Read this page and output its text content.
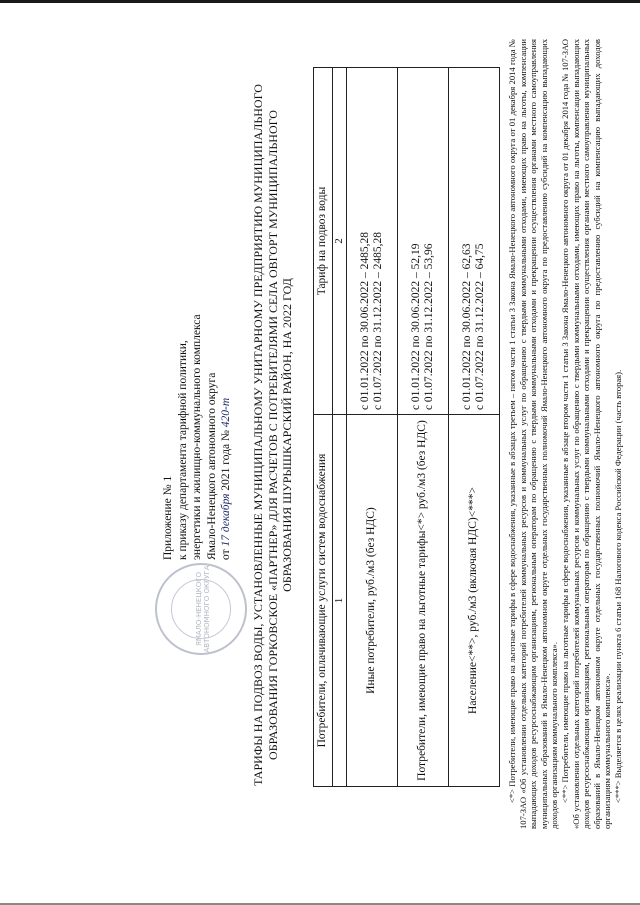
ЯМАЛО-НЕНЕЦКОГО АВТОНОМНОГО ОКРУГА
Приложение № 1 к приказу департамента тарифной политики, энергетики и жилищно-коммунального комплекса Ямало-Ненецкого автономного округа от 17 декабря 2021 года № 420-т ТАРИФЫ НА ПОДВОЗ ВОДЫ, УСТАНОВЛЕННЫЕ МУНИЦИПАЛЬНОМУ УНИТАРНОМУ ПРЕДПРИЯТИЮ МУНИЦИПАЛЬНОГО ОБРАЗОВАНИЯ ГОРКОВСКОЕ «ПАРТНЕР» ДЛЯ РАСЧЕТОВ С ПОТРЕБИТЕЛЯМИ СЕЛА ОВГОРТ МУНИЦИПАЛЬНОГО ОБРАЗОВАНИЯ ШУРЫШКАРСКИЙ РАЙОН, НА 2022 ГОД
Потребители, оплачивающие услуги систем водоснабжения	Тариф на подвоз воды
1	2
Иные потребители, руб./м3 (без НДС)	с 01.01.2022 по 30.06.2022 – 2485,28 с 01.07.2022 по 31.12.2022 – 2485,28

Потребители, имеющие право на льготные тарифы<*> руб./м3 (без НДС)	с 01.01.2022 по 30.06.2022 – 52,19 с 01.07.2022 по 31.12.2022 – 53,96

Население<**>, руб./м3 (включая НДС)<***>	с 01.01.2022 по 30.06.2022 – 62,63 с 01.07.2022 по 31.12.2022 – 64,75 <*> Потребители, имеющие право на льготные тарифы в сфере водоснабжения, указанные в абзацах третьем – пятом части 1 статьи 3 Закона Ямало-Ненецкого автономного округа от 01 декабря 2014 года № 107-ЗАО «Об установлении отдельных категорий потребителей коммунальных ресурсов и коммунальных услуг по обращению с твердыми коммунальными отходами, имеющих право на льготы, компенсации выпадающих доходов ресурсоснабжающим организациям, региональным операторам по обращению с твердыми коммунальными отходами и прекращении осуществления органами местного самоуправления муниципальных образований в Ямало-Ненецком автономном округе отдельных государственных полномочий Ямало-Ненецкого автономного округа по предоставлению субсидий на компенсацию выпадающих доходов организациям коммунального комплекса». <**> Потребители, имеющие право на льготные тарифы в сфере водоснабжения, указанные в абзаце втором части 1 статьи 3 Закона Ямало-Ненецкого автономного округа от 01 декабря 2014 года № 107-ЗАО «Об установлении отдельных категорий потребителей коммунальных ресурсов и коммунальных услуг по обращению с твердыми коммунальными отходами, имеющих право на льготы, компенсации выпадающих доходов ресурсоснабжающим организациям, региональным операторам по обращению с твердыми коммунальными отходами и прекращении осуществления органами местного самоуправления муниципальных образований в Ямало-Ненецком автономном округе отдельных государственных полномочий Ямало-Ненецкого автономного округа по предоставлению субсидий на компенсацию выпадающих доходов организациям коммунального комплекса». <***> Выделяется в целях реализации пункта 6 статьи 168 Налогового кодекса Российской Федерации (часть вторая).
